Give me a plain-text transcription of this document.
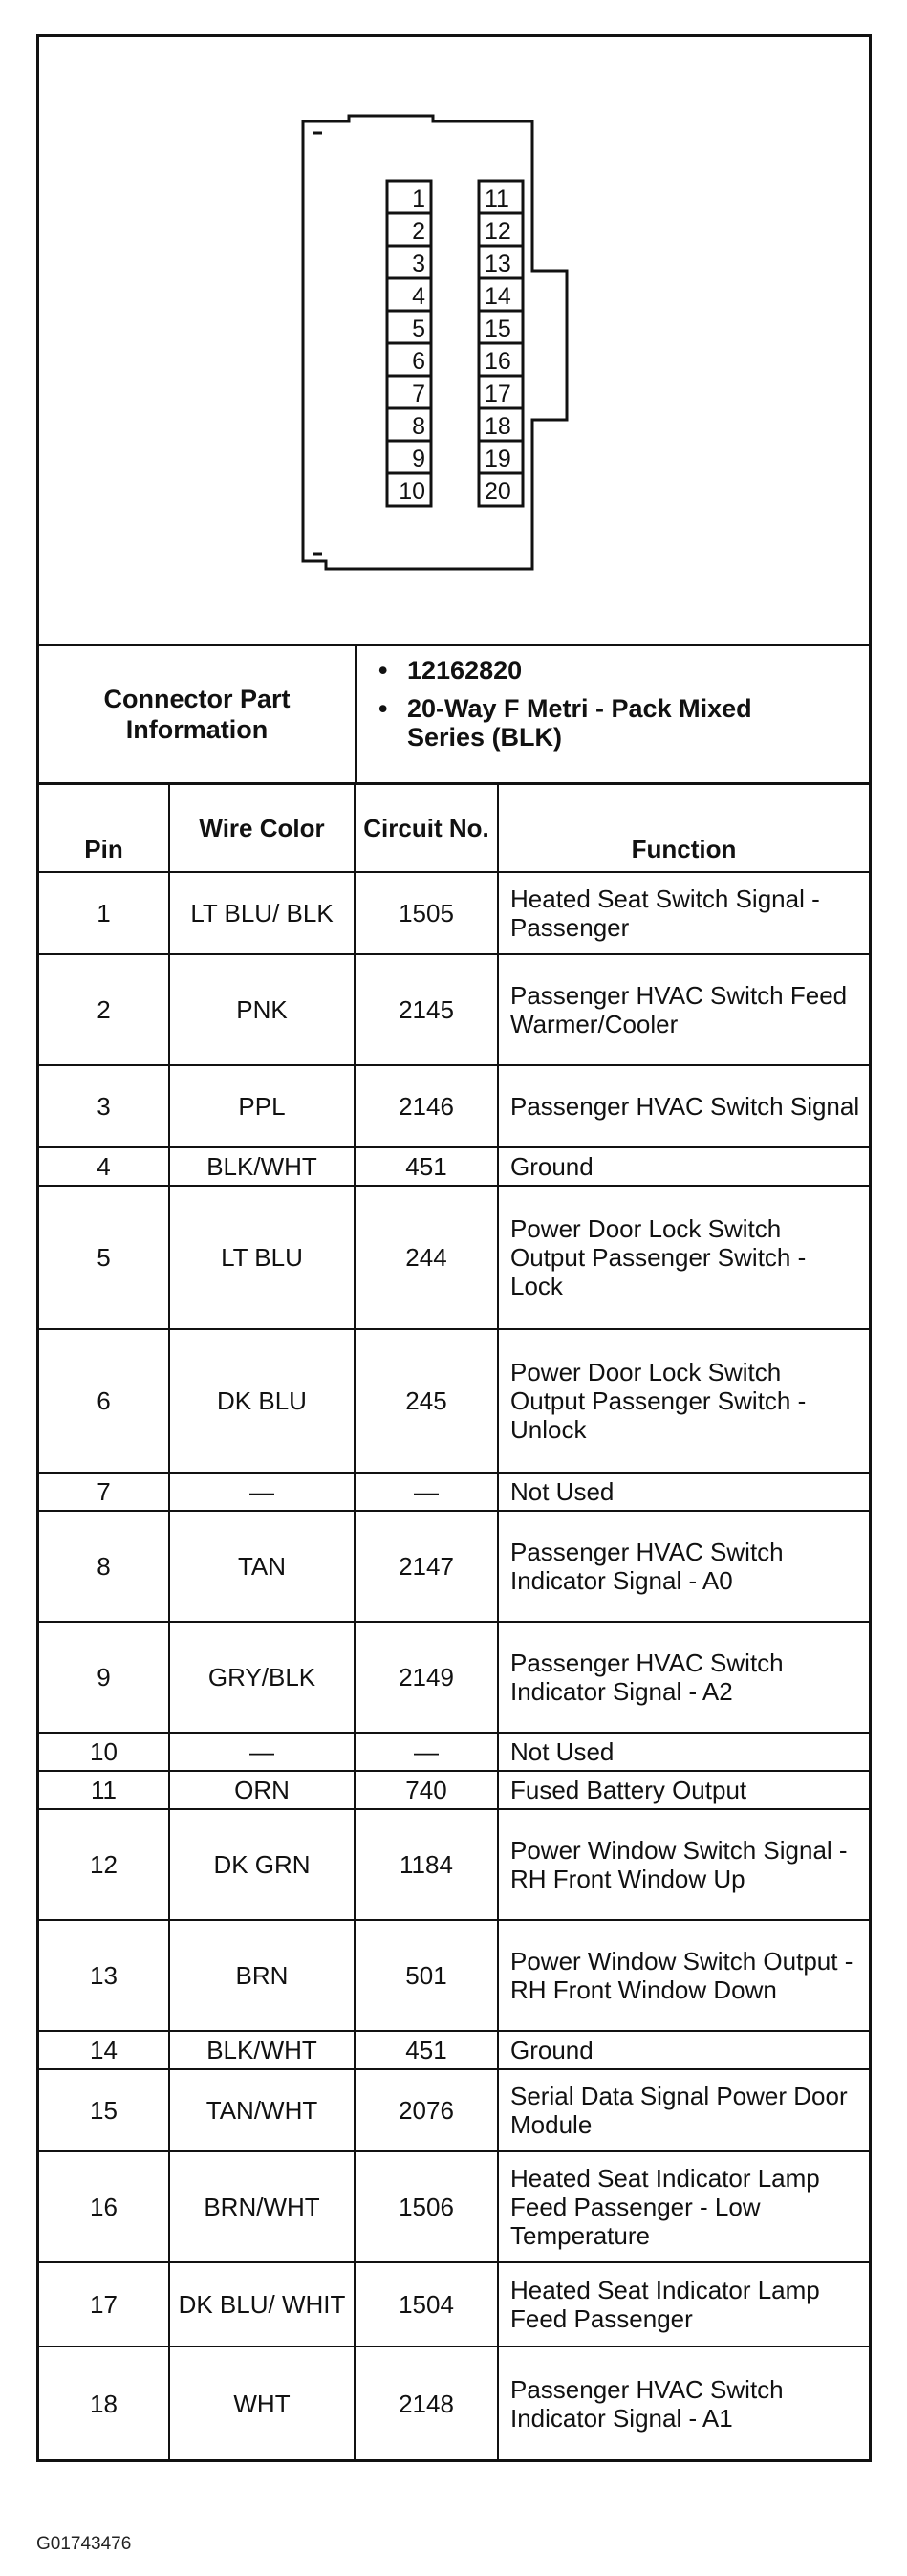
1
2
3
4
5
6
7
8
9
10
11
12
13
14
15
16
17
18
19
20
Connector Part Information
• 12162820
• 20-Way F Metri - Pack Mixed Series (BLK)
Pin	Wire Color	Circuit No.	Function
1	LT BLU/ BLK	1505	Heated Seat Switch Signal - Passenger
2	PNK	2145	Passenger HVAC Switch Feed Warmer/Cooler
3	PPL	2146	Passenger HVAC Switch Signal
4	BLK/WHT	451	Ground
5	LT BLU	244	Power Door Lock Switch Output Passenger Switch - Lock
6	DK BLU	245	Power Door Lock Switch Output Passenger Switch - Unlock
7	—	—	Not Used
8	TAN	2147	Passenger HVAC Switch Indicator Signal - A0
9	GRY/BLK	2149	Passenger HVAC Switch Indicator Signal - A2
10	—	—	Not Used
11	ORN	740	Fused Battery Output
12	DK GRN	1184	Power Window Switch Signal - RH Front Window Up
13	BRN	501	Power Window Switch Output - RH Front Window Down
14	BLK/WHT	451	Ground
15	TAN/WHT	2076	Serial Data Signal Power Door Module
16	BRN/WHT	1506	Heated Seat Indicator Lamp Feed Passenger - Low Temperature
17	DK BLU/ WHIT	1504	Heated Seat Indicator Lamp Feed Passenger
18	WHT	2148	Passenger HVAC Switch Indicator Signal - A1
G01743476
